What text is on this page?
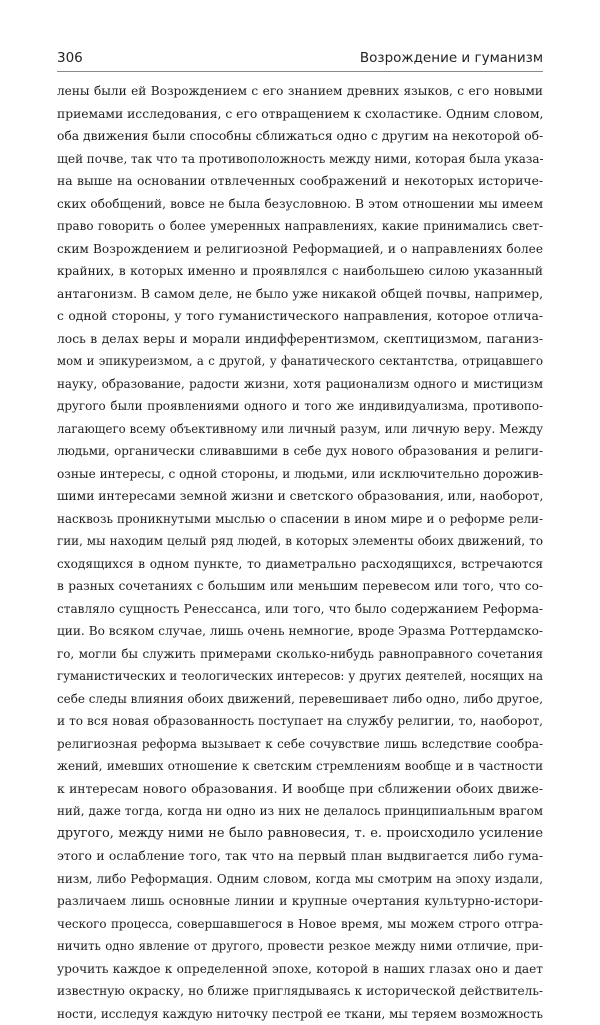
306	Возрождение и гуманизм
лены были ей Возрождением с его знанием древних языков, с его новыми
приемами исследования, с его отвращением к схоластике. Одним словом,
оба движения были способны сближаться одно с другим на некоторой об-
щей почве, так что та противоположность между ними, которая была указа-
на выше на основании отвлеченных соображений и некоторых историче-
ских обобщений, вовсе не была безусловною. В этом отношении мы имеем
право говорить о более умеренных направлениях, какие принимались свет-
ским Возрождением и религиозной Реформацией, и о направлениях более
крайних, в которых именно и проявлялся с наибольшею силою указанный
антагонизм. В самом деле, не было уже никакой общей почвы, например,
с одной стороны, у того гуманистического направления, которое отлича-
лось в делах веры и морали индифферентизмом, скептицизмом, паганиз-
мом и эпикуреизмом, а с другой, у фанатического сектантства, отрицавшего
науку, образование, радости жизни, хотя рационализм одного и мистицизм
другого были проявлениями одного и того же индивидуализма, противопо-
лагающего всему объективному или личный разум, или личную веру. Между
людьми, органически сливавшими в себе дух нового образования и религи-
озные интересы, с одной стороны, и людьми, или исключительно дорожив-
шими интересами земной жизни и светского образования, или, наоборот,
насквозь проникнутыми мыслью о спасении в ином мире и о реформе рели-
гии, мы находим целый ряд людей, в которых элементы обоих движений, то
сходящихся в одном пункте, то диаметрально расходящихся, встречаются
в разных сочетаниях с большим или меньшим перевесом или того, что со-
ставляло сущность Ренессанса, или того, что было содержанием Реформа-
ции. Во всяком случае, лишь очень немногие, вроде Эразма Роттердамско-
го, могли бы служить примерами сколько-нибудь равноправного сочетания
гуманистических и теологических интересов: у других деятелей, носящих на
себе следы влияния обоих движений, перевешивает либо одно, либо другое,
и то вся новая образованность поступает на службу религии, то, наоборот,
религиозная реформа вызывает к себе сочувствие лишь вследствие сообра-
жений, имевших отношение к светским стремлениям вообще и в частности
к интересам нового образования. И вообще при сближении обоих движе-
ний, даже тогда, когда ни одно из них не делалось принципиальным врагом
другого, между ними не было равновесия, т. е. происходило усиление
этого и ослабление того, так что на первый план выдвигается либо гума-
низм, либо Реформация. Одним словом, когда мы смотрим на эпоху издали,
различаем лишь основные линии и крупные очертания культурно-истори-
ческого процесса, совершавшегося в Новое время, мы можем строго отгра-
ничить одно явление от другого, провести резкое между ними отличие, при-
урочить каждое к определенной эпохе, которой в наших глазах оно и дает
известную окраску, но ближе приглядываясь к исторической действитель-
ности, исследуя каждую ниточку пестрой ее ткани, мы теряем возможность
